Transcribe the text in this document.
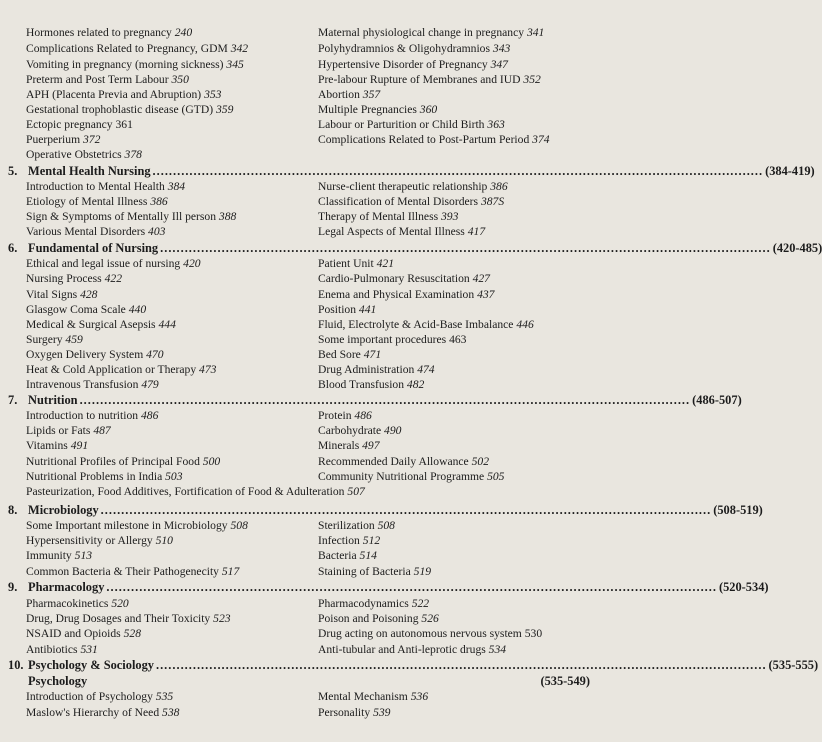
Hormones related to pregnancy 240
Complications Related to Pregnancy, GDM 342
Vomiting in pregnancy (morning sickness) 345
Preterm and Post Term Labour 350
APH (Placenta Previa and Abruption) 353
Gestational trophoblastic disease (GTD) 359
Ectopic pregnancy 361
Puerperium 372
Operative Obstetrics 378
Maternal physiological change in pregnancy 341
Polyhydramnios & Oligohydramnios 343
Hypertensive Disorder of Pregnancy 347
Pre-labour Rupture of Membranes and IUD 352
Abortion 357
Multiple Pregnancies 360
Labour or Parturition or Child Birth 363
Complications Related to Post-Partum Period 374
5. Mental Health Nursing ..................................................................................................................................................... (384-419)
Introduction to Mental Health 384
Etiology of Mental Illness 386
Sign & Symptoms of Mentally Ill person 388
Various Mental Disorders 403
Nurse-client therapeutic relationship 386
Classification of Mental Disorders 387S
Therapy of Mental Illness 393
Legal Aspects of Mental Illness 417
6. Fundamental of Nursing ..................................................................................................................................................... (420-485)
Ethical and legal issue of nursing 420
Nursing Process 422
Vital Signs 428
Glasgow Coma Scale 440
Medical & Surgical Asepsis 444
Surgery 459
Oxygen Delivery System 470
Heat & Cold Application or Therapy 473
Intravenous Transfusion 479
Patient Unit 421
Cardio-Pulmonary Resuscitation 427
Enema and Physical Examination 437
Position 441
Fluid, Electrolyte & Acid-Base Imbalance 446
Some important procedures 463
Bed Sore 471
Drug Administration 474
Blood Transfusion 482
7. Nutrition ..................................................................................................................................................... (486-507)
Introduction to nutrition 486
Lipids or Fats 487
Vitamins 491
Nutritional Profiles of Principal Food 500
Nutritional Problems in India 503
Protein 486
Carbohydrate 490
Minerals 497
Recommended Daily Allowance 502
Community Nutritional Programme 505
Pasteurization, Food Additives, Fortification of Food & Adulteration 507
8. Microbiology ..................................................................................................................................................... (508-519)
Some Important milestone in Microbiology 508
Hypersensitivity or Allergy 510
Immunity 513
Common Bacteria & Their Pathogenecity 517
Sterilization 508
Infection 512
Bacteria 514
Staining of Bacteria 519
9. Pharmacology ..................................................................................................................................................... (520-534)
Pharmacokinetics 520
Drug, Drug Dosages and Their Toxicity 523
NSAID and Opioids 528
Antibiotics 531
Pharmacodynamics 522
Poison and Poisoning 526
Drug acting on autonomous nervous system 530
Anti-tubular and Anti-leprotic drugs 534
10. Psychology & Sociology ..................................................................................................................................................... (535-555)
Psychology	(535-549)
Introduction of Psychology 535
Maslow's Hierarchy of Need 538
Mental Mechanism 536
Personality 539
